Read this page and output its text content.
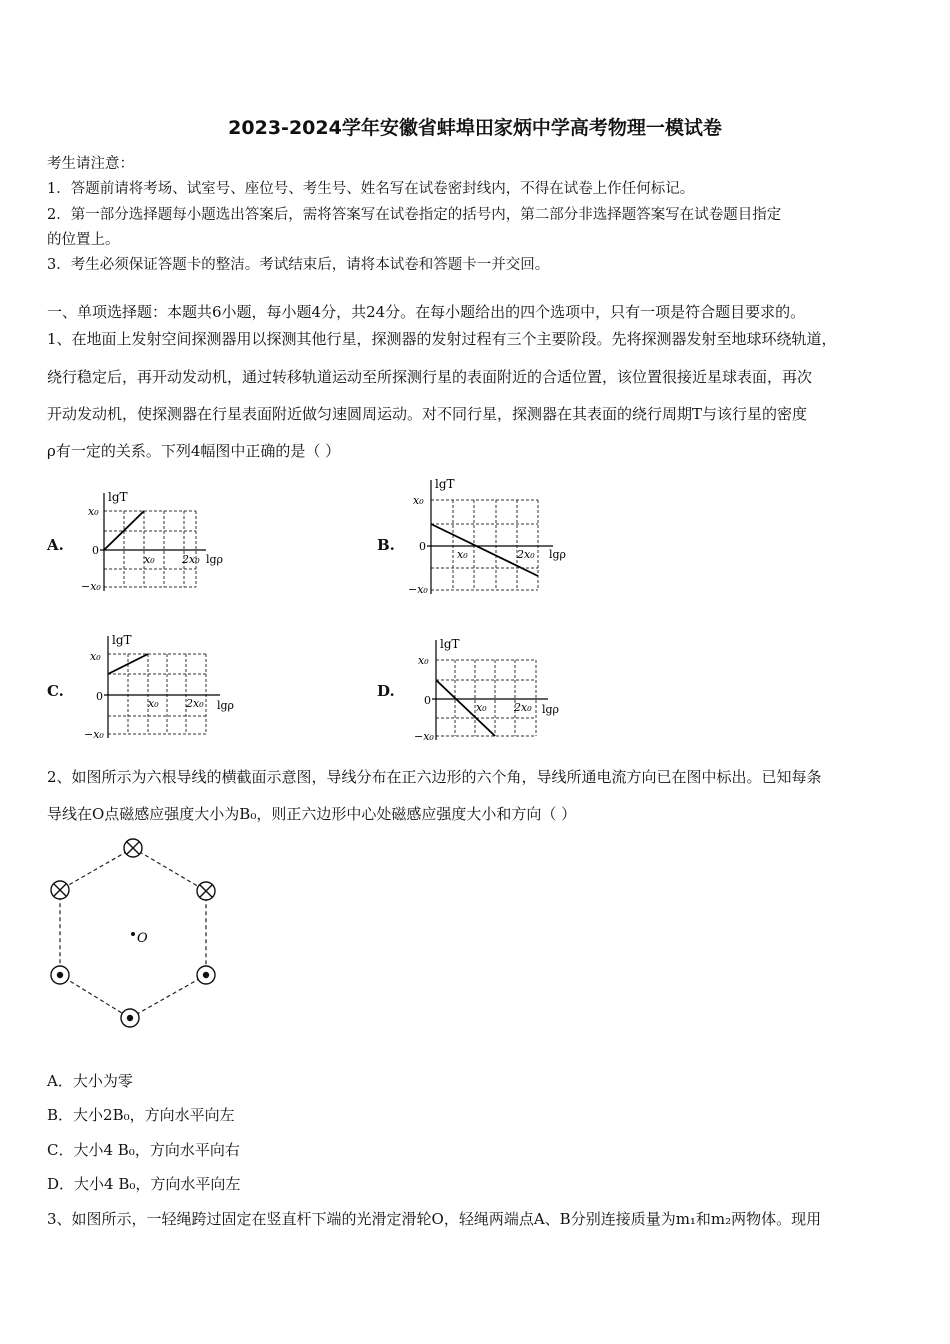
2023-2024学年安徽省蚌埠田家炳中学高考物理一模试卷
考生请注意：
1．答题前请将考场、试室号、座位号、考生号、姓名写在试卷密封线内，不得在试卷上作任何标记。
2．第一部分选择题每小题选出答案后，需将答案写在试卷指定的括号内，第二部分非选择题答案写在试卷题目指定
的位置上。
3．考生必须保证答题卡的整洁。考试结束后，请将本试卷和答题卡一并交回。
一、单项选择题：本题共6小题，每小题4分，共24分。在每小题给出的四个选项中，只有一项是符合题目要求的。
1、在地面上发射空间探测器用以探测其他行星，探测器的发射过程有三个主要阶段。先将探测器发射至地球环绕轨道，
绕行稳定后，再开动发动机，通过转移轨道运动至所探测行星的表面附近的合适位置，该位置很接近星球表面，再次
开动发动机，使探测器在行星表面附近做匀速圆周运动。对不同行星，探测器在其表面的绕行周期T与该行星的密度
ρ有一定的关系。下列4幅图中正确的是（ ）
A.
lgT
x₀
0
−x₀
x₀ 2x₀ lgρ
B.
lgT
x₀
0
−x₀
x₀	2x₀ lgρ
C.
lgT
x₀
0
−x₀
x₀ 2x₀ lgρ
D.
lgT
x₀
0
−x₀
x₀ 2x₀ lgρ
2、如图所示为六根导线的横截面示意图，导线分布在正六边形的六个角，导线所通电流方向已在图中标出。已知每条
导线在O点磁感应强度大小为B₀，则正六边形中心处磁感应强度大小和方向（ ）
O
A．大小为零
B．大小2B₀，方向水平向左
C．大小4 B₀，方向水平向右
D．大小4 B₀，方向水平向左
3、如图所示，一轻绳跨过固定在竖直杆下端的光滑定滑轮O，轻绳两端点A、B分别连接质量为m₁和m₂两物体。现用
